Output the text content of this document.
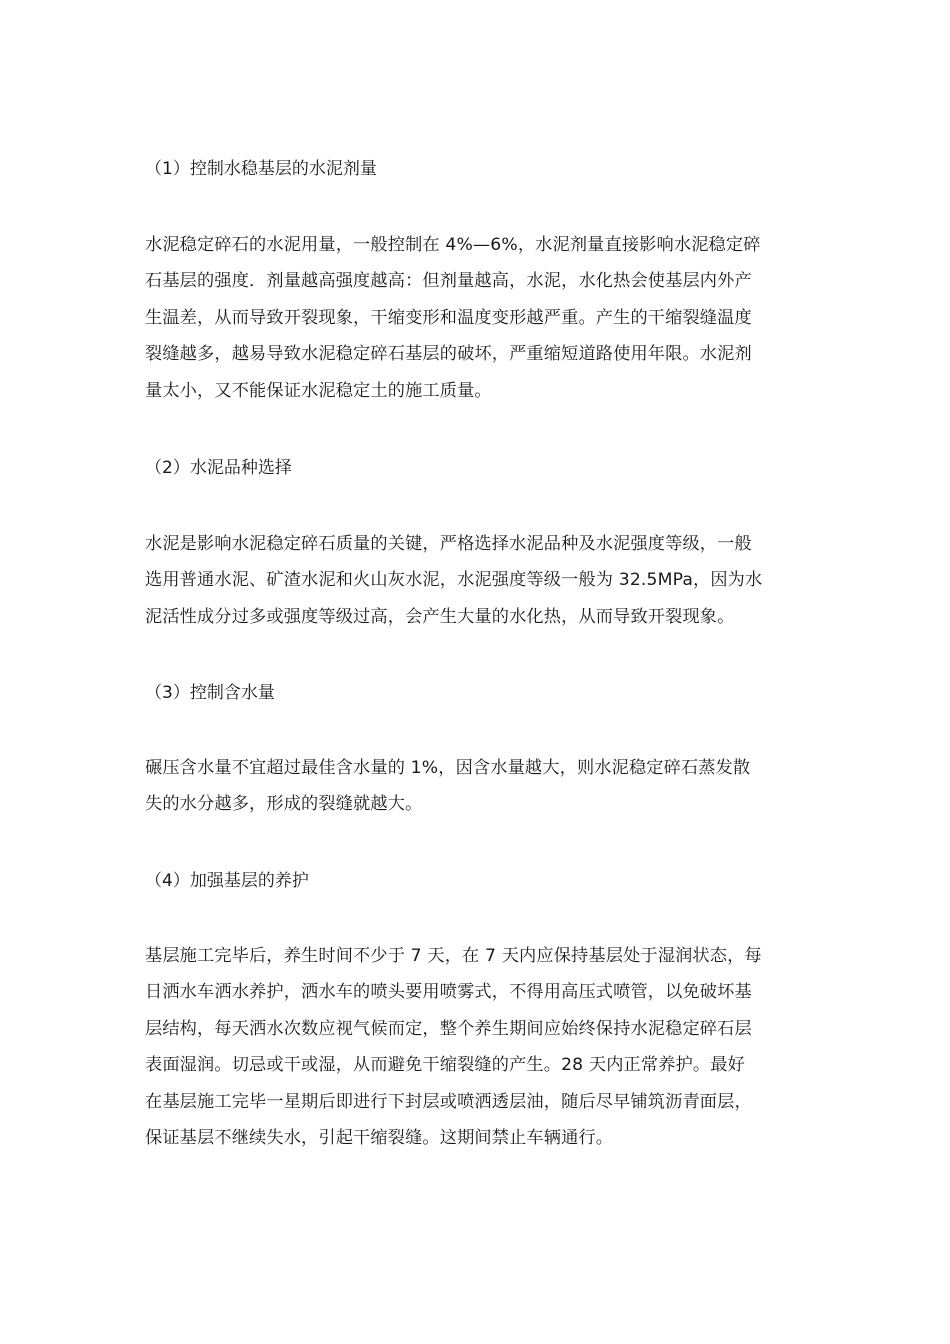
（1）控制水稳基层的水泥剂量
水泥稳定碎石的水泥用量，一般控制在 4%—6%，水泥剂量直接影响水泥稳定碎
石基层的强度．剂量越高强度越高：但剂量越高，水泥，水化热会使基层内外产
生温差，从而导致开裂现象，干缩变形和温度变形越严重。产生的干缩裂缝温度
裂缝越多，越易导致水泥稳定碎石基层的破坏，严重缩短道路使用年限。水泥剂
量太小，又不能保证水泥稳定土的施工质量。
（2）水泥品种选择
水泥是影响水泥稳定碎石质量的关键，严格选择水泥品种及水泥强度等级，一般
选用普通水泥、矿渣水泥和火山灰水泥，水泥强度等级一般为 32.5MPa，因为水
泥活性成分过多或强度等级过高，会产生大量的水化热，从而导致开裂现象。
（3）控制含水量
碾压含水量不宜超过最佳含水量的 1%，因含水量越大，则水泥稳定碎石蒸发散
失的水分越多，形成的裂缝就越大。
（4）加强基层的养护
基层施工完毕后，养生时间不少于 7 天，在 7 天内应保持基层处于湿润状态，每
日洒水车洒水养护，洒水车的喷头要用喷雾式，不得用高压式喷管，以免破坏基
层结构，每天洒水次数应视气候而定，整个养生期间应始终保持水泥稳定碎石层
表面湿润。切忌或干或湿，从而避免干缩裂缝的产生。28 天内正常养护。最好
在基层施工完毕一星期后即进行下封层或喷洒透层油，随后尽早铺筑沥青面层，
保证基层不继续失水，引起干缩裂缝。这期间禁止车辆通行。
